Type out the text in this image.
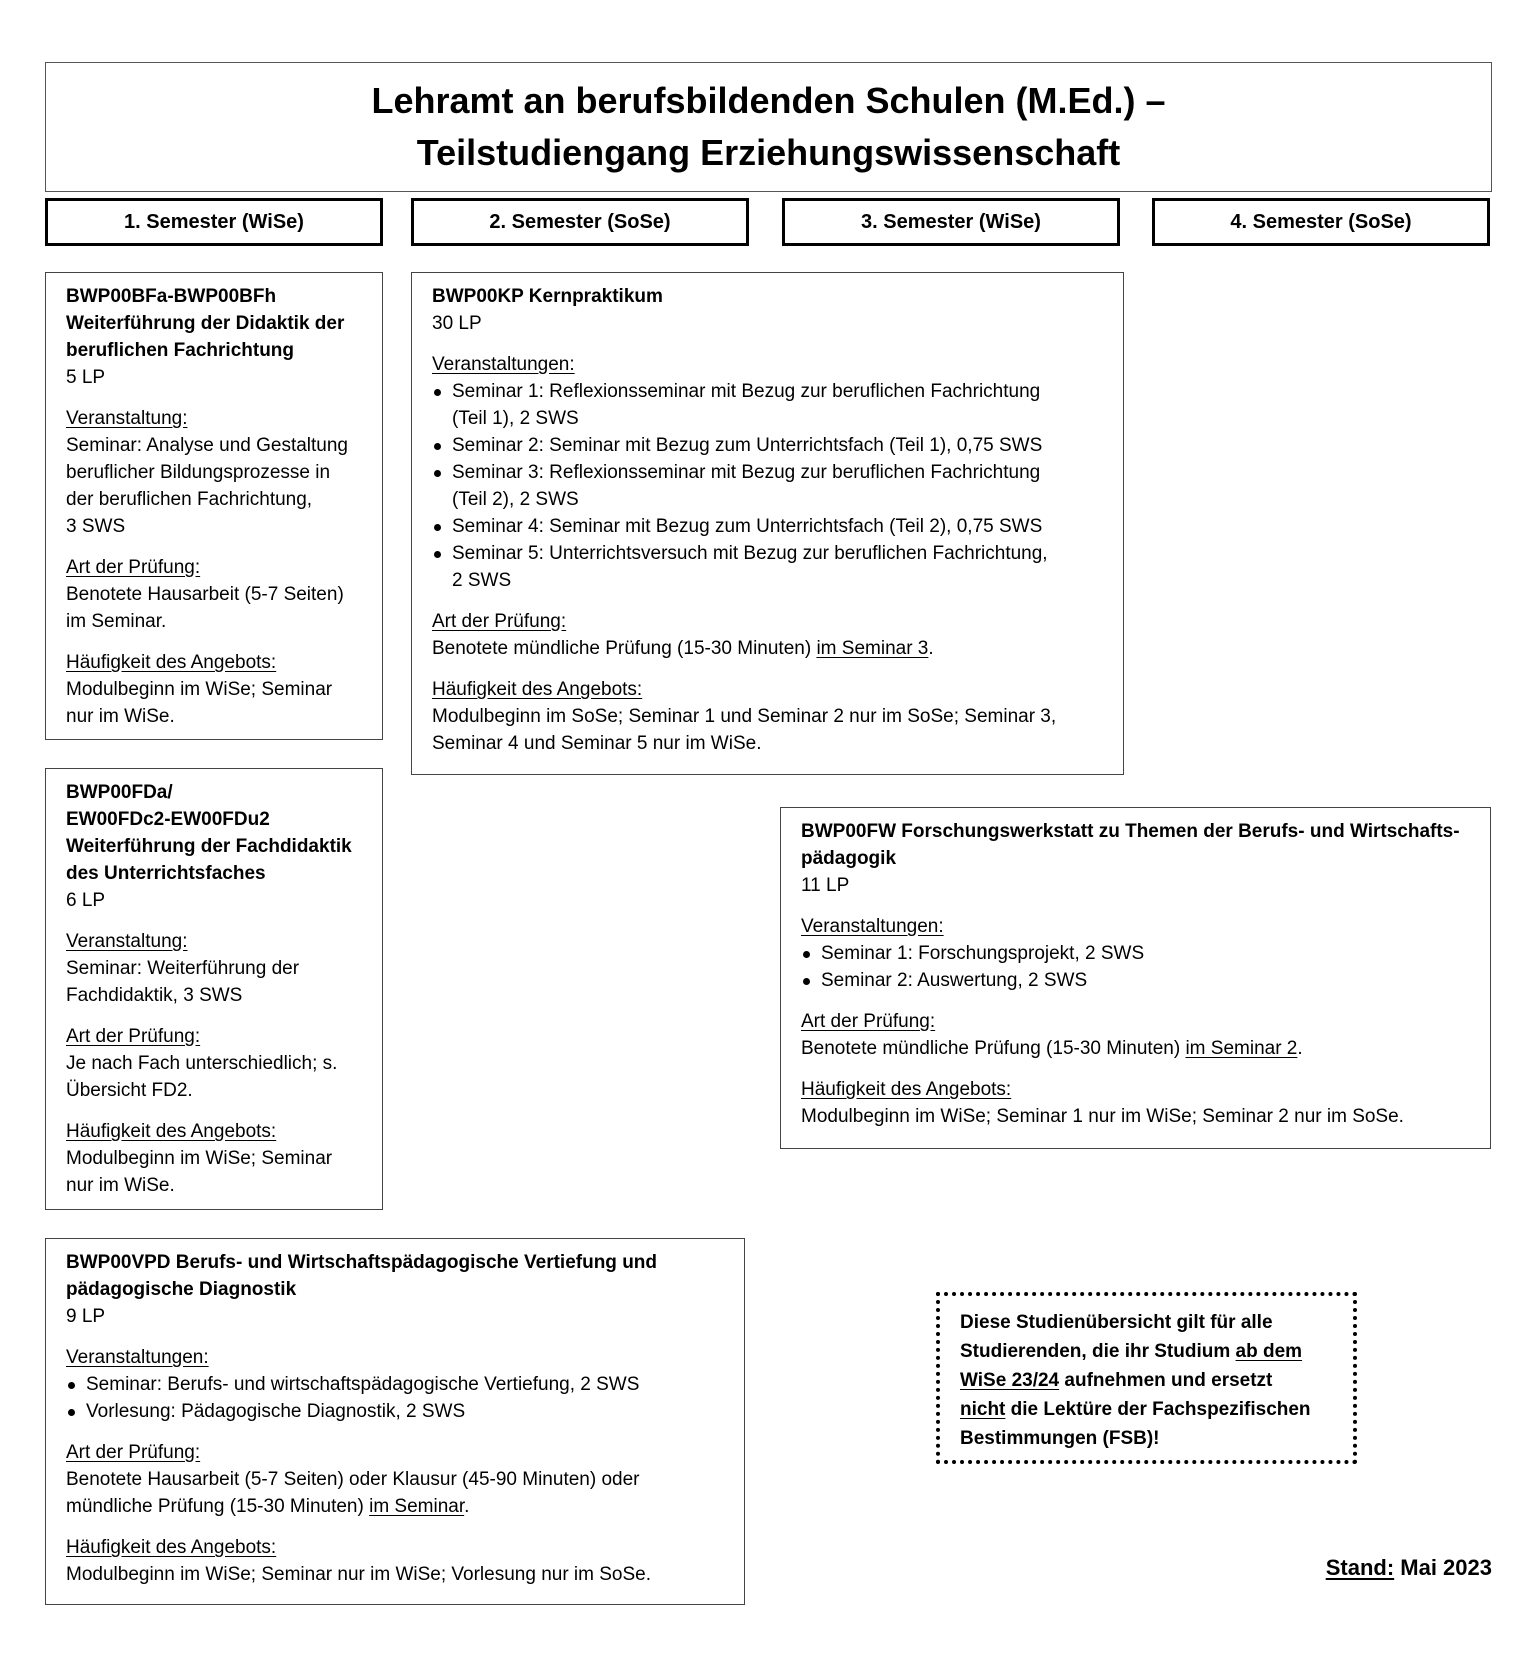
Lehramt an berufsbildenden Schulen (M.Ed.) –
Teilstudiengang Erziehungswissenschaft
1. Semester (WiSe)	2. Semester (SoSe)	3. Semester (WiSe)	4. Semester (SoSe)
BWP00BFa-BWP00BFh
Weiterführung der Didaktik der
beruflichen Fachrichtung
5 LP
Veranstaltung:
Seminar: Analyse und Gestaltung
beruflicher Bildungsprozesse in
der beruflichen Fachrichtung,
3 SWS
Art der Prüfung:
Benotete Hausarbeit (5-7 Seiten)
im Seminar.
Häufigkeit des Angebots:
Modulbeginn im WiSe; Seminar
nur im WiSe.
BWP00FDa/
EW00FDc2-EW00FDu2
Weiterführung der Fachdidaktik
des Unterrichtsfaches
6 LP
Veranstaltung:
Seminar: Weiterführung der
Fachdidaktik, 3 SWS
Art der Prüfung:
Je nach Fach unterschiedlich; s.
Übersicht FD2.
Häufigkeit des Angebots:
Modulbeginn im WiSe; Seminar
nur im WiSe.
BWP00KP Kernpraktikum
30 LP
Veranstaltungen:
Seminar 1: Reflexionsseminar mit Bezug zur beruflichen Fachrichtung
(Teil 1), 2 SWS
Seminar 2: Seminar mit Bezug zum Unterrichtsfach (Teil 1), 0,75 SWS
Seminar 3: Reflexionsseminar mit Bezug zur beruflichen Fachrichtung
(Teil 2), 2 SWS
Seminar 4: Seminar mit Bezug zum Unterrichtsfach (Teil 2), 0,75 SWS
Seminar 5: Unterrichtsversuch mit Bezug zur beruflichen Fachrichtung,
2 SWS
Art der Prüfung:
Benotete mündliche Prüfung (15-30 Minuten) im Seminar 3.
Häufigkeit des Angebots:
Modulbeginn im SoSe; Seminar 1 und Seminar 2 nur im SoSe; Seminar 3,
Seminar 4 und Seminar 5 nur im WiSe.
BWP00FW Forschungswerkstatt zu Themen der Berufs- und Wirtschafts-
pädagogik
11 LP
Veranstaltungen:
Seminar 1: Forschungsprojekt, 2 SWS
Seminar 2: Auswertung, 2 SWS
Art der Prüfung:
Benotete mündliche Prüfung (15-30 Minuten) im Seminar 2.
Häufigkeit des Angebots:
Modulbeginn im WiSe; Seminar 1 nur im WiSe; Seminar 2 nur im SoSe.
BWP00VPD Berufs- und Wirtschaftspädagogische Vertiefung und
pädagogische Diagnostik
9 LP
Veranstaltungen:
Seminar: Berufs- und wirtschaftspädagogische Vertiefung, 2 SWS
Vorlesung: Pädagogische Diagnostik, 2 SWS
Art der Prüfung:
Benotete Hausarbeit (5-7 Seiten) oder Klausur (45-90 Minuten) oder
mündliche Prüfung (15-30 Minuten) im Seminar.
Häufigkeit des Angebots:
Modulbeginn im WiSe; Seminar nur im WiSe; Vorlesung nur im SoSe.
Diese Studienübersicht gilt für alle
Studierenden, die ihr Studium ab dem
WiSe 23/24 aufnehmen und ersetzt
nicht die Lektüre der Fachspezifischen
Bestimmungen (FSB)!
Stand: Mai 2023
